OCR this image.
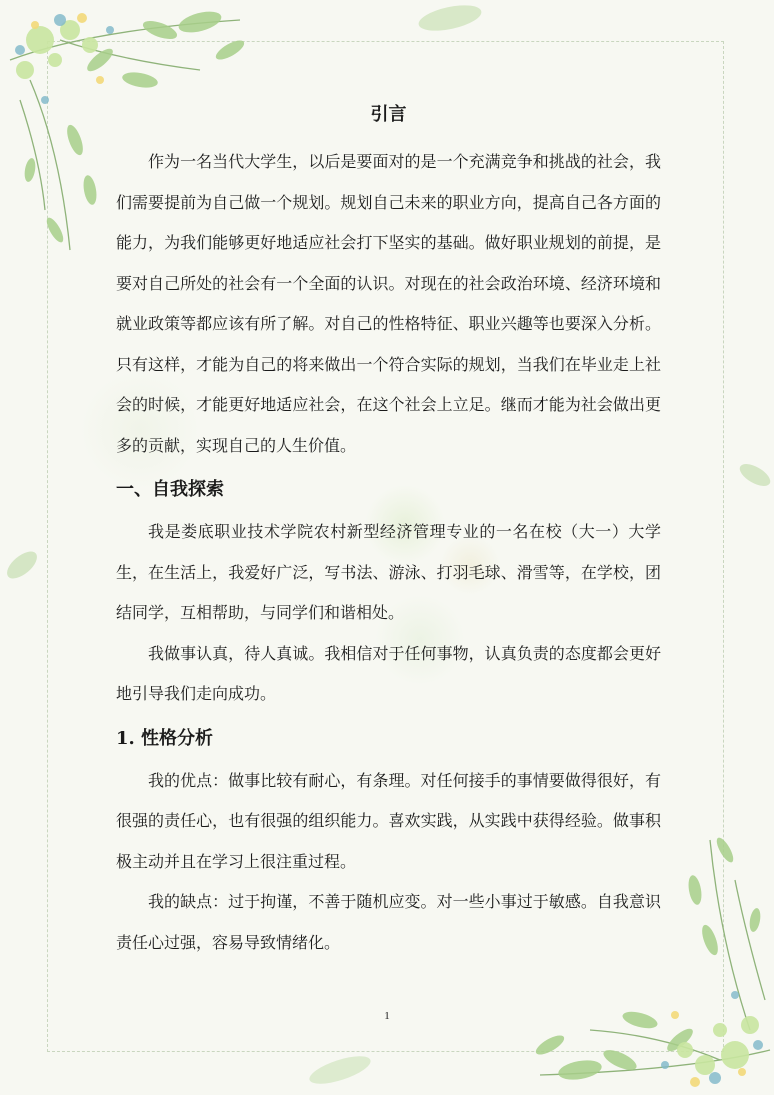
引言

作为一名当代大学生，以后是要面对的是一个充满竞争和挑战的社会，我们需要提前为自己做一个规划。规划自己未来的职业方向，提高自己各方面的能力，为我们能够更好地适应社会打下坚实的基础。做好职业规划的前提，是要对自己所处的社会有一个全面的认识。对现在的社会政治环境、经济环境和就业政策等都应该有所了解。对自己的性格特征、职业兴趣等也要深入分析。只有这样，才能为自己的将来做出一个符合实际的规划，当我们在毕业走上社会的时候，才能更好地适应社会，在这个社会上立足。继而才能为社会做出更多的贡献，实现自己的人生价值。

一、自我探索

我是娄底职业技术学院农村新型经济管理专业的一名在校（大一）大学生，在生活上，我爱好广泛，写书法、游泳、打羽毛球、滑雪等，在学校，团结同学，互相帮助，与同学们和谐相处。

我做事认真，待人真诚。我相信对于任何事物，认真负责的态度都会更好地引导我们走向成功。

1. 性格分析

我的优点：做事比较有耐心，有条理。对任何接手的事情要做得很好，有很强的责任心，也有很强的组织能力。喜欢实践，从实践中获得经验。做事积极主动并且在学习上很注重过程。

我的缺点：过于拘谨，不善于随机应变。对一些小事过于敏感。自我意识责任心过强，容易导致情绪化。

1
